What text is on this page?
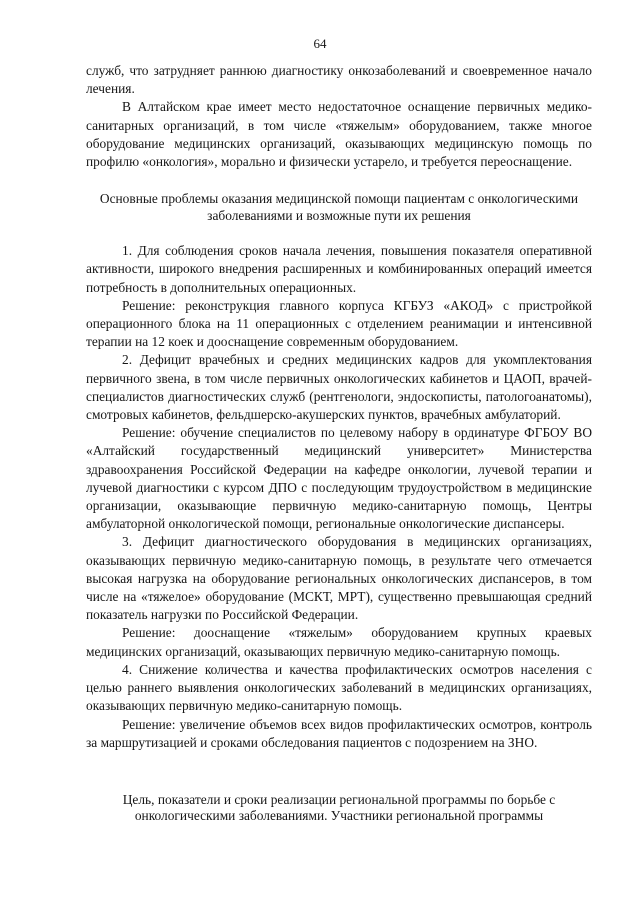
64

служб, что затрудняет раннюю диагностику онкозаболеваний и своевременное начало лечения.

В Алтайском крае имеет место недостаточное оснащение первичных медико-санитарных организаций, в том числе «тяжелым» оборудованием, также многое оборудование медицинских организаций, оказывающих медицинскую помощь по профилю «онкология», морально и физически устарело, и требуется переоснащение.

Основные проблемы оказания медицинской помощи пациентам с онкологическими заболеваниями и возможные пути их решения

1. Для соблюдения сроков начала лечения, повышения показателя оперативной активности, широкого внедрения расширенных и комбинированных операций имеется потребность в дополнительных операционных.

Решение: реконструкция главного корпуса КГБУЗ «АКОД» с пристройкой операционного блока на 11 операционных с отделением реанимации и интенсивной терапии на 12 коек и дооснащение современным оборудованием.

2. Дефицит врачебных и средних медицинских кадров для укомплектования первичного звена, в том числе первичных онкологических кабинетов и ЦАОП, врачей-специалистов диагностических служб (рентгенологи, эндоскописты, патологоанатомы), смотровых кабинетов, фельдшерско-акушерских пунктов, врачебных амбулаторий.

Решение: обучение специалистов по целевому набору в ординатуре ФГБОУ ВО «Алтайский государственный медицинский университет» Министерства здравоохранения Российской Федерации на кафедре онкологии, лучевой терапии и лучевой диагностики с курсом ДПО с последующим трудоустройством в медицинские организации, оказывающие первичную медико-санитарную помощь, Центры амбулаторной онкологической помощи, региональные онкологические диспансеры.

3. Дефицит диагностического оборудования в медицинских организациях, оказывающих первичную медико-санитарную помощь, в результате чего отмечается высокая нагрузка на оборудование региональных онкологических диспансеров, в том числе на «тяжелое» оборудование (МСКТ, МРТ), существенно превышающая средний показатель нагрузки по Российской Федерации.

Решение: дооснащение «тяжелым» оборудованием крупных краевых медицинских организаций, оказывающих первичную медико-санитарную помощь.

4. Снижение количества и качества профилактических осмотров населения с целью раннего выявления онкологических заболеваний в медицинских организациях, оказывающих первичную медико-санитарную помощь.

Решение: увеличение объемов всех видов профилактических осмотров, контроль за маршрутизацией и сроками обследования пациентов с подозрением на ЗНО.

Цель, показатели и сроки реализации региональной программы по борьбе с онкологическими заболеваниями. Участники региональной программы
